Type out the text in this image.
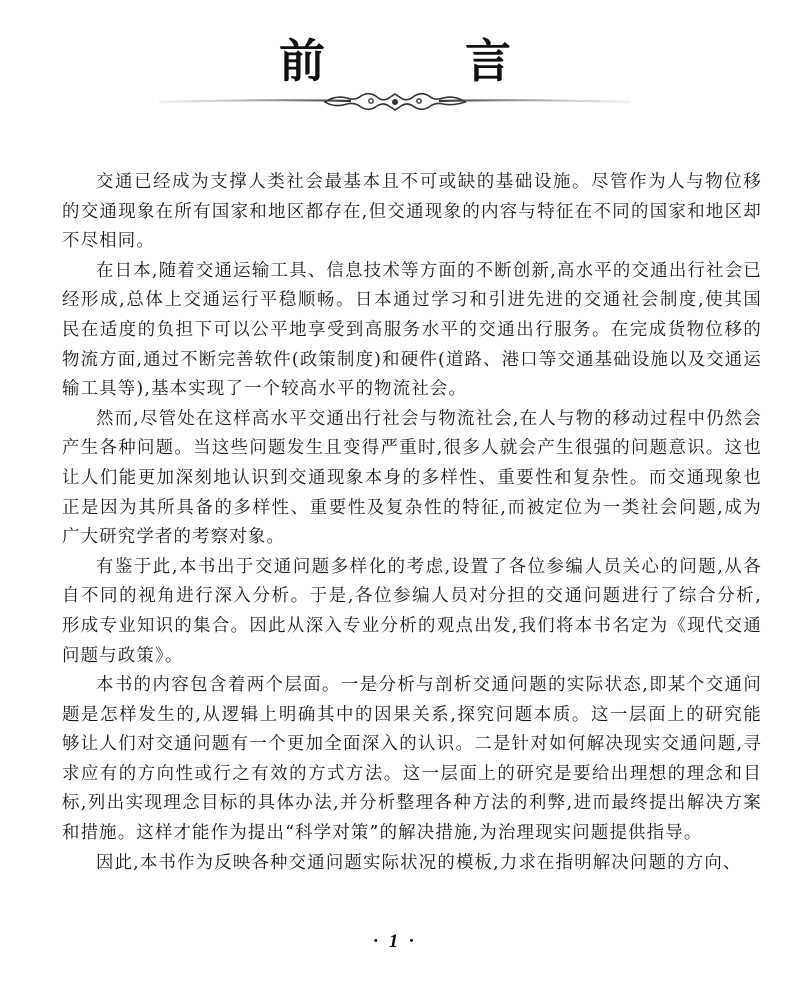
前 言

交通已经成为支撑人类社会最基本且不可或缺的基础设施。尽管作为人与物位移的交通现象在所有国家和地区都存在,但交通现象的内容与特征在不同的国家和地区却不尽相同。

在日本,随着交通运输工具、信息技术等方面的不断创新,高水平的交通出行社会已经形成,总体上交通运行平稳顺畅。日本通过学习和引进先进的交通社会制度,使其国民在适度的负担下可以公平地享受到高服务水平的交通出行服务。在完成货物位移的物流方面,通过不断完善软件(政策制度)和硬件(道路、港口等交通基础设施以及交通运输工具等),基本实现了一个较高水平的物流社会。

然而,尽管处在这样高水平交通出行社会与物流社会,在人与物的移动过程中仍然会产生各种问题。当这些问题发生且变得严重时,很多人就会产生很强的问题意识。这也让人们能更加深刻地认识到交通现象本身的多样性、重要性和复杂性。而交通现象也正是因为其所具备的多样性、重要性及复杂性的特征,而被定位为一类社会问题,成为广大研究学者的考察对象。

有鉴于此,本书出于交通问题多样化的考虑,设置了各位参编人员关心的问题,从各自不同的视角进行深入分析。于是,各位参编人员对分担的交通问题进行了综合分析,形成专业知识的集合。因此从深入专业分析的观点出发,我们将本书名定为《现代交通问题与政策》。

本书的内容包含着两个层面。一是分析与剖析交通问题的实际状态,即某个交通问题是怎样发生的,从逻辑上明确其中的因果关系,探究问题本质。这一层面上的研究能够让人们对交通问题有一个更加全面深入的认识。二是针对如何解决现实交通问题,寻求应有的方向性或行之有效的方式方法。这一层面上的研究是要给出理想的理念和目标,列出实现理念目标的具体办法,并分析整理各种方法的利弊,进而最终提出解决方案和措施。这样才能作为提出“科学对策”的解决措施,为治理现实问题提供指导。

因此,本书作为反映各种交通问题实际状况的模板,力求在指明解决问题的方向、

· 1 ·
